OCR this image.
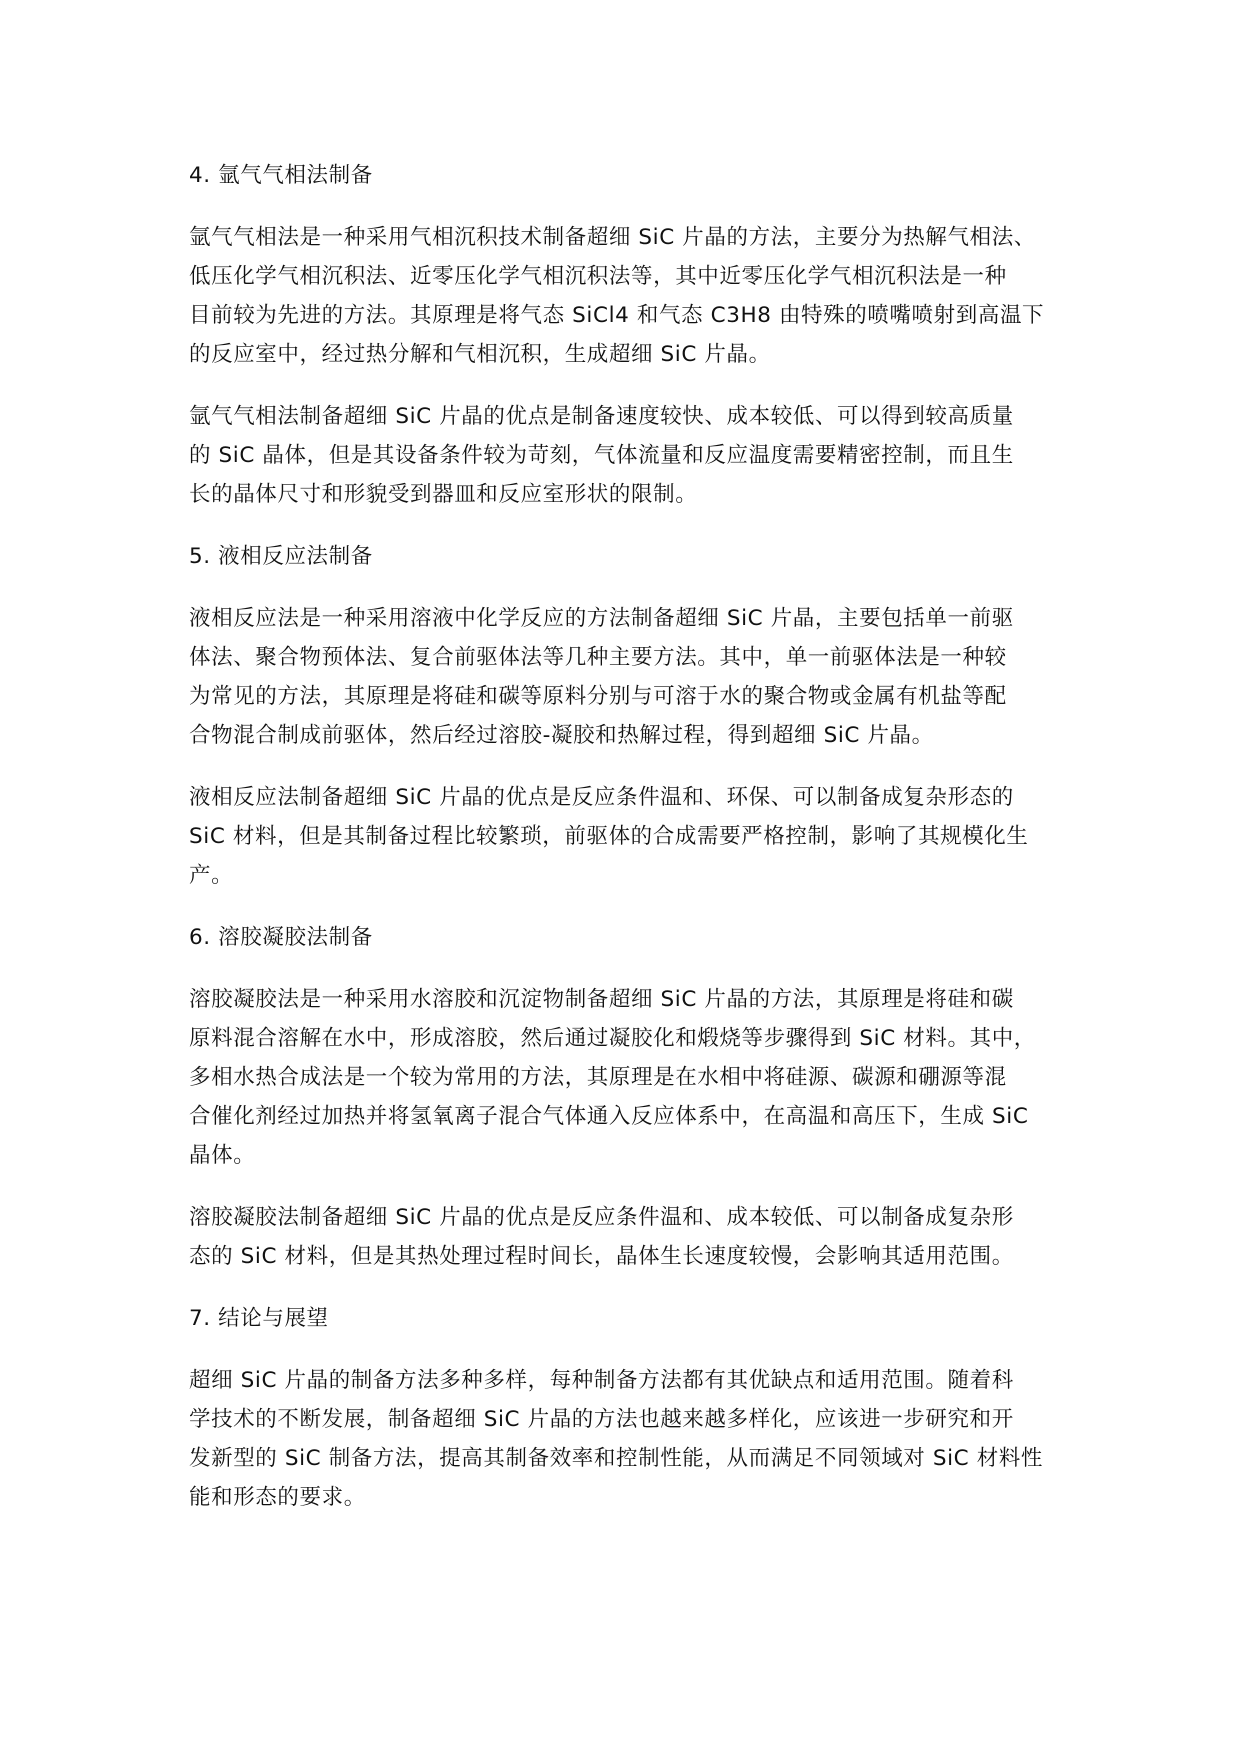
4. 氩气气相法制备
氩气气相法是一种采用气相沉积技术制备超细 SiC 片晶的方法，主要分为热解气相法、
低压化学气相沉积法、近零压化学气相沉积法等，其中近零压化学气相沉积法是一种
目前较为先进的方法。其原理是将气态 SiCl4 和气态 C3H8 由特殊的喷嘴喷射到高温下
的反应室中，经过热分解和气相沉积，生成超细 SiC 片晶。
氩气气相法制备超细 SiC 片晶的优点是制备速度较快、成本较低、可以得到较高质量
的 SiC 晶体，但是其设备条件较为苛刻，气体流量和反应温度需要精密控制，而且生
长的晶体尺寸和形貌受到器皿和反应室形状的限制。
5. 液相反应法制备
液相反应法是一种采用溶液中化学反应的方法制备超细 SiC 片晶，主要包括单一前驱
体法、聚合物预体法、复合前驱体法等几种主要方法。其中，单一前驱体法是一种较
为常见的方法，其原理是将硅和碳等原料分别与可溶于水的聚合物或金属有机盐等配
合物混合制成前驱体，然后经过溶胶-凝胶和热解过程，得到超细 SiC 片晶。
液相反应法制备超细 SiC 片晶的优点是反应条件温和、环保、可以制备成复杂形态的
SiC 材料，但是其制备过程比较繁琐，前驱体的合成需要严格控制，影响了其规模化生
产。
6. 溶胶凝胶法制备
溶胶凝胶法是一种采用水溶胶和沉淀物制备超细 SiC 片晶的方法，其原理是将硅和碳
原料混合溶解在水中，形成溶胶，然后通过凝胶化和煅烧等步骤得到 SiC 材料。其中，
多相水热合成法是一个较为常用的方法，其原理是在水相中将硅源、碳源和硼源等混
合催化剂经过加热并将氢氧离子混合气体通入反应体系中，在高温和高压下，生成 SiC
晶体。
溶胶凝胶法制备超细 SiC 片晶的优点是反应条件温和、成本较低、可以制备成复杂形
态的 SiC 材料，但是其热处理过程时间长，晶体生长速度较慢，会影响其适用范围。
7. 结论与展望
超细 SiC 片晶的制备方法多种多样，每种制备方法都有其优缺点和适用范围。随着科
学技术的不断发展，制备超细 SiC 片晶的方法也越来越多样化，应该进一步研究和开
发新型的 SiC 制备方法，提高其制备效率和控制性能，从而满足不同领域对 SiC 材料性
能和形态的要求。
